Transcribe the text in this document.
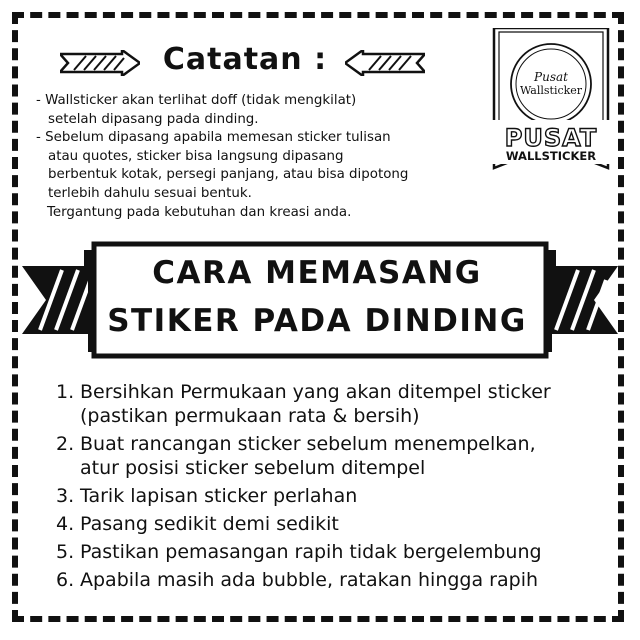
Catatan :
- Wallsticker akan terlihat doff (tidak mengkilat)
setelah dipasang pada dinding.
- Sebelum dipasang apabila memesan sticker tulisan
atau quotes, sticker bisa langsung dipasang
berbentuk kotak, persegi panjang, atau bisa dipotong
terlebih dahulu sesuai bentuk.
Tergantung pada kebutuhan dan kreasi anda.
Pusat
Wallsticker
PUSAT
WALLSTICKER
CARA MEMASANG
STIKER PADA DINDING
1. Bersihkan Permukaan yang akan ditempel sticker
(pastikan permukaan rata & bersih)
2. Buat rancangan sticker sebelum menempelkan,
atur posisi sticker sebelum ditempel
3. Tarik lapisan sticker perlahan
4. Pasang sedikit demi sedikit
5. Pastikan pemasangan rapih tidak bergelembung
6. Apabila masih ada bubble, ratakan hingga rapih
